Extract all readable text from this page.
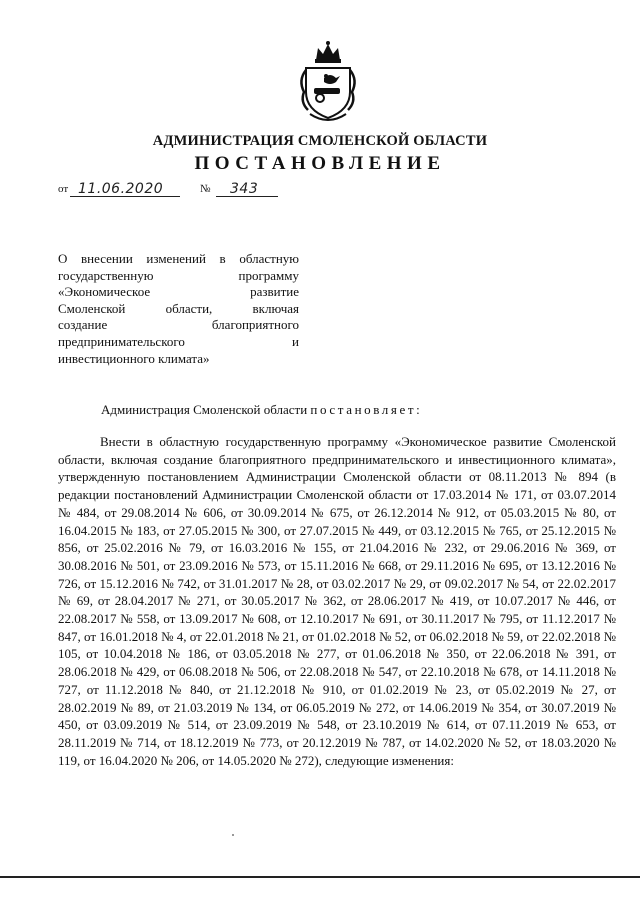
АДМИНИСТРАЦИЯ СМОЛЕНСКОЙ ОБЛАСТИ
ПОСТАНОВЛЕНИЕ
от 11.06.2020	№ 343
О внесении изменений в областную
государственную программу
«Экономическое развитие
Смоленской области, включая
создание благоприятного
предпринимательского и
инвестиционного климата»
Администрация Смоленской области постановляет:

Внести в областную государственную программу «Экономическое развитие Смоленской области, включая создание благоприятного предпринимательского и инвестиционного климата», утвержденную постановлением Администрации Смоленской области от 08.11.2013 № 894 (в редакции постановлений Администрации Смоленской области от 17.03.2014 № 171, от 03.07.2014 № 484, от 29.08.2014 № 606, от 30.09.2014 № 675, от 26.12.2014 № 912, от 05.03.2015 № 80, от 16.04.2015 № 183, от 27.05.2015 № 300, от 27.07.2015 № 449, от 03.12.2015 № 765, от 25.12.2015 № 856, от 25.02.2016 № 79, от 16.03.2016 № 155, от 21.04.2016 № 232, от 29.06.2016 № 369, от 30.08.2016 № 501, от 23.09.2016 № 573, от 15.11.2016 № 668, от 29.11.2016 № 695, от 13.12.2016 № 726, от 15.12.2016 № 742, от 31.01.2017 № 28, от 03.02.2017 № 29, от 09.02.2017 № 54, от 22.02.2017 № 69, от 28.04.2017 № 271, от 30.05.2017 № 362, от 28.06.2017 № 419, от 10.07.2017 № 446, от 22.08.2017 № 558, от 13.09.2017 № 608, от 12.10.2017 № 691, от 30.11.2017 № 795, от 11.12.2017 № 847, от 16.01.2018 № 4, от 22.01.2018 № 21, от 01.02.2018 № 52, от 06.02.2018 № 59, от 22.02.2018 № 105, от 10.04.2018 № 186, от 03.05.2018 № 277, от 01.06.2018 № 350, от 22.06.2018 № 391, от 28.06.2018 № 429, от 06.08.2018 № 506, от 22.08.2018 № 547, от 22.10.2018 № 678, от 14.11.2018 № 727, от 11.12.2018 № 840, от 21.12.2018 № 910, от 01.02.2019 № 23, от 05.02.2019 № 27, от 28.02.2019 № 89, от 21.03.2019 № 134, от 06.05.2019 № 272, от 14.06.2019 № 354, от 30.07.2019 № 450, от 03.09.2019 № 514, от 23.09.2019 № 548, от 23.10.2019 № 614, от 07.11.2019 № 653, от 28.11.2019 № 714, от 18.12.2019 № 773, от 20.12.2019 № 787, от 14.02.2020 № 52, от 18.03.2020 № 119, от 16.04.2020 № 206, от 14.05.2020 № 272), следующие изменения:
